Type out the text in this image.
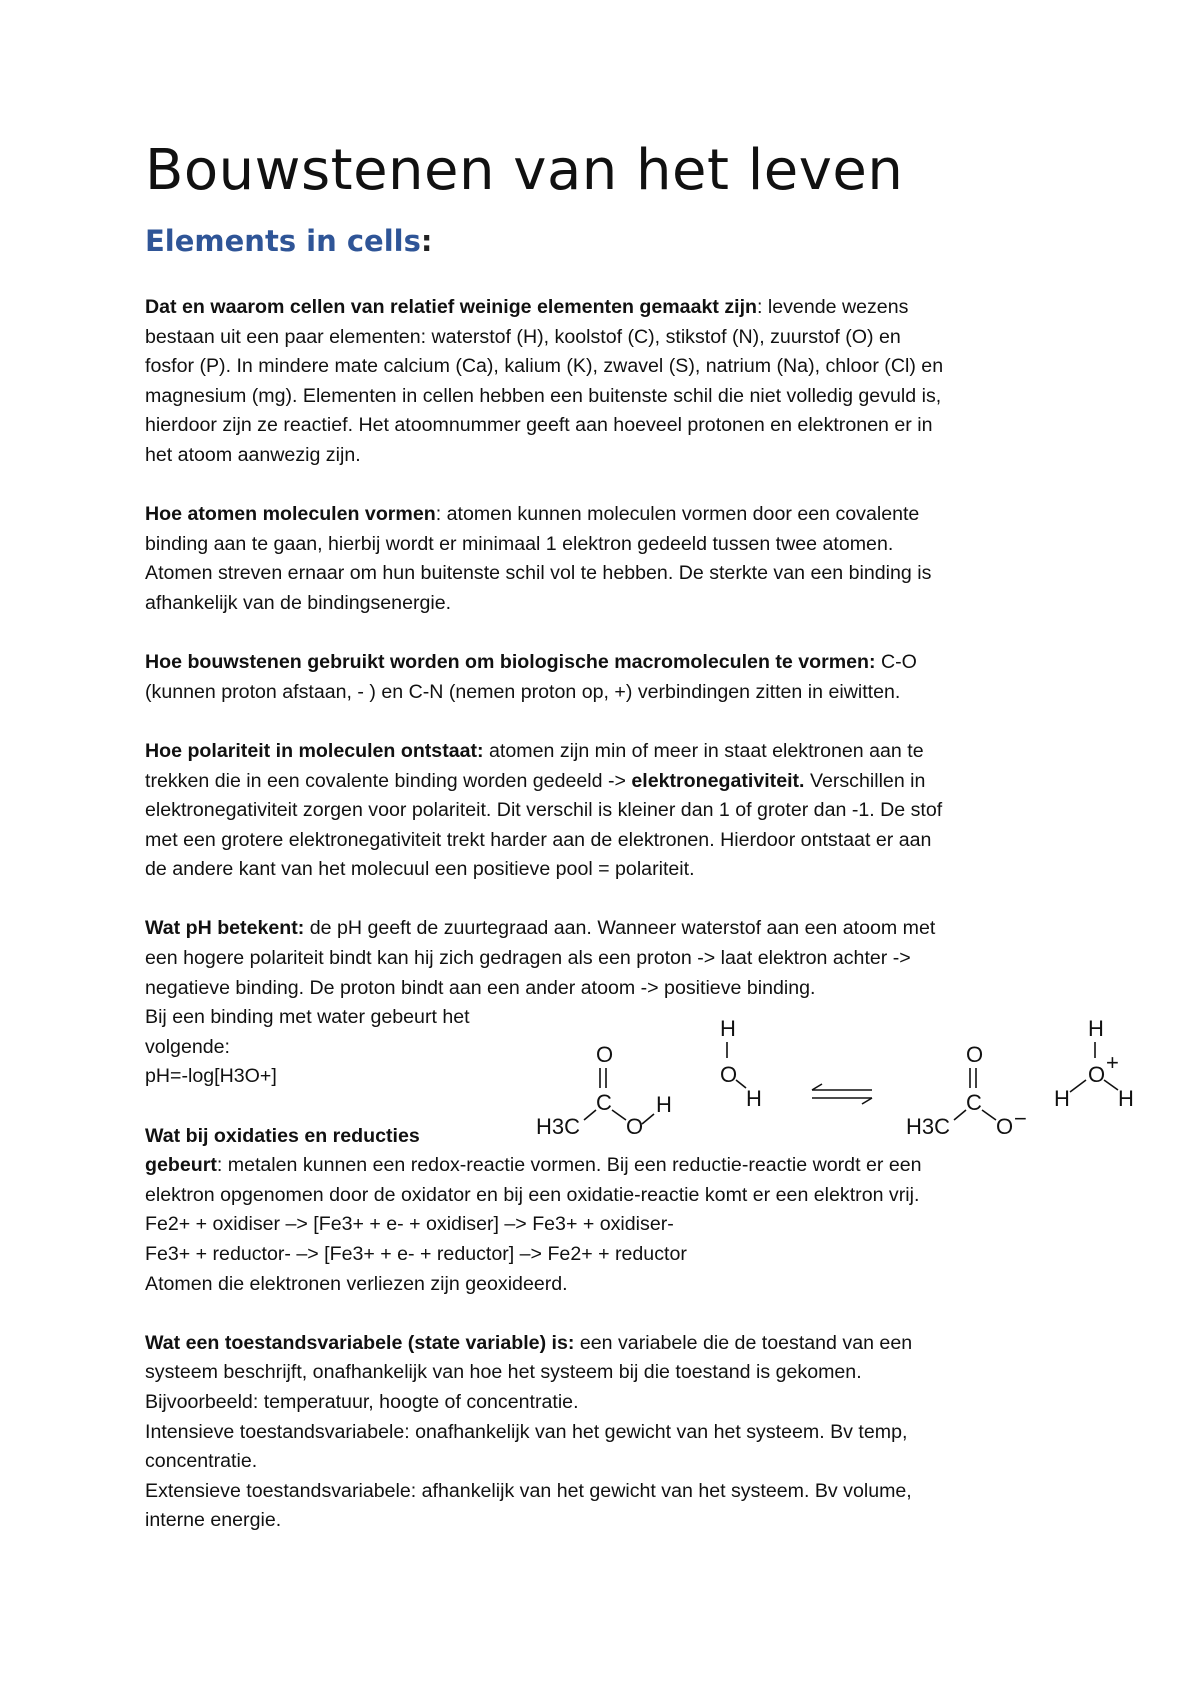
Bouwstenen van het leven
Elements in cells:

Dat en waarom cellen van relatief weinige elementen gemaakt zijn: levende wezens
bestaan uit een paar elementen: waterstof (H), koolstof (C), stikstof (N), zuurstof (O) en
fosfor (P). In mindere mate calcium (Ca), kalium (K), zwavel (S), natrium (Na), chloor (Cl) en
magnesium (mg). Elementen in cellen hebben een buitenste schil die niet volledig gevuld is,
hierdoor zijn ze reactief. Het atoomnummer geeft aan hoeveel protonen en elektronen er in
het atoom aanwezig zijn.

Hoe atomen moleculen vormen: atomen kunnen moleculen vormen door een covalente
binding aan te gaan, hierbij wordt er minimaal 1 elektron gedeeld tussen twee atomen.
Atomen streven ernaar om hun buitenste schil vol te hebben. De sterkte van een binding is
afhankelijk van de bindingsenergie.

Hoe bouwstenen gebruikt worden om biologische macromoleculen te vormen: C-O
(kunnen proton afstaan, - ) en C-N (nemen proton op, +) verbindingen zitten in eiwitten.

Hoe polariteit in moleculen ontstaat: atomen zijn min of meer in staat elektronen aan te
trekken die in een covalente binding worden gedeeld -> elektronegativiteit. Verschillen in
elektronegativiteit zorgen voor polariteit. Dit verschil is kleiner dan 1 of groter dan -1. De stof
met een grotere elektronegativiteit trekt harder aan de elektronen. Hierdoor ontstaat er aan
de andere kant van het molecuul een positieve pool = polariteit.

Wat pH betekent: de pH geeft de zuurtegraad aan. Wanneer waterstof aan een atoom met
een hogere polariteit bindt kan hij zich gedragen als een proton -> laat elektron achter ->
negatieve binding. De proton bindt aan een ander atoom -> positieve binding.
Bij een binding met water gebeurt het
volgende:
pH=-log[H3O+]

Wat bij oxidaties en reducties
gebeurt: metalen kunnen een redox-reactie vormen. Bij een reductie-reactie wordt er een
elektron opgenomen door de oxidator en bij een oxidatie-reactie komt er een elektron vrij.
Fe2+ + oxidiser –> [Fe3+ + e- + oxidiser] –> Fe3+ + oxidiser-
Fe3+ + reductor- –> [Fe3+ + e- + reductor] –> Fe2+ + reductor
Atomen die elektronen verliezen zijn geoxideerd.

Wat een toestandsvariabele (state variable) is: een variabele die de toestand van een
systeem beschrijft, onafhankelijk van hoe het systeem bij die toestand is gekomen.
Bijvoorbeeld: temperatuur, hoogte of concentratie.
Intensieve toestandsvariabele: onafhankelijk van het gewicht van het systeem. Bv temp,
concentratie.
Extensieve toestandsvariabele: afhankelijk van het gewicht van het systeem. Bv volume,
interne energie.

O
C
H3C O
H
H
O
H
O
C
H3C O −
H
O +
H H
